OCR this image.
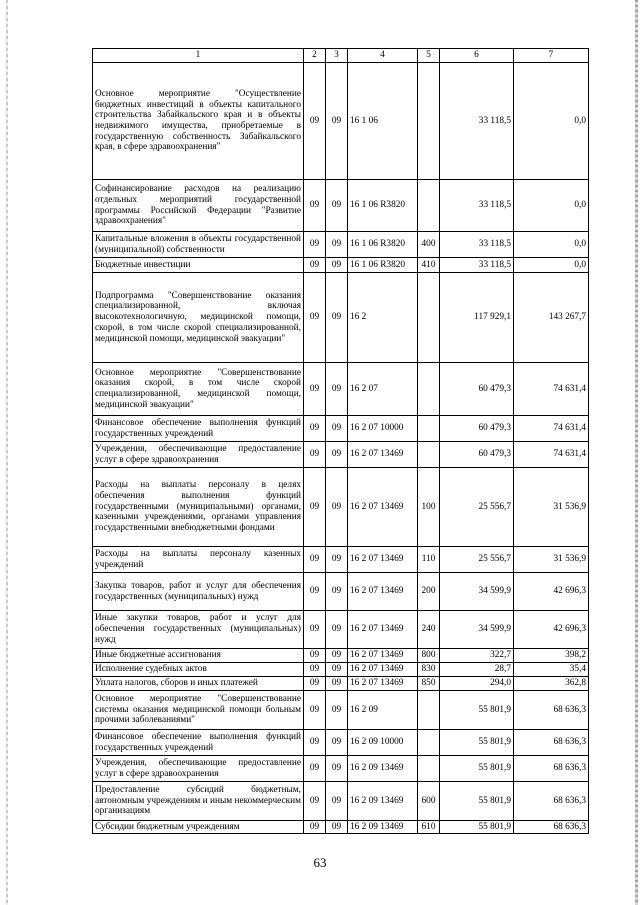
1	2	3	4	5	6	7
Основное мероприятие "Осуществление бюджетных инвестиций в объекты капитального строительства Забайкальского края и в объекты недвижимого имущества, приобретаемые в государственную собственность Забайкальского края, в сфере здравоохранения"	09	09	16 1 06		33 118,5	0,0
Софинансирование расходов на реализацию отдельных мероприятий государственной программы Российской Федерации "Развитие здравоохранения"	09	09	16 1 06 R3820		33 118,5	0,0
Капитальные вложения в объекты государственной (муниципальной) собственности	09	09	16 1 06 R3820	400	33 118,5	0,0
Бюджетные инвестиции	09	09	16 1 06 R3820	410	33 118,5	0,0
Подпрограмма "Совершенствование оказания специализированной, включая высокотехнологичную, медицинской помощи, скорой, в том числе скорой специализированной, медицинской помощи, медицинской эвакуации"	09	09	16 2		117 929,1	143 267,7
Основное мероприятие "Совершенствование оказания скорой, в том числе скорой специализированной, медицинской помощи, медицинской эвакуации"	09	09	16 2 07		60 479,3	74 631,4
Финансовое обеспечение выполнения функций государственных учреждений	09	09	16 2 07 10000		60 479,3	74 631,4
Учреждения, обеспечивающие предоставление услуг в сфере здравоохранения	09	09	16 2 07 13469		60 479,3	74 631,4
Расходы на выплаты персоналу в целях обеспечения выполнения функций государственными (муниципальными) органами, казенными учреждениями, органами управления государственными внебюджетными фондами	09	09	16 2 07 13469	100	25 556,7	31 536,9
Расходы на выплаты персоналу казенных учреждений	09	09	16 2 07 13469	110	25 556,7	31 536,9
Закупка товаров, работ и услуг для обеспечения государственных (муниципальных) нужд	09	09	16 2 07 13469	200	34 599,9	42 696,3
Иные закупки товаров, работ и услуг для обеспечения государственных (муниципальных) нужд	09	09	16 2 07 13469	240	34 599,9	42 696,3
Иные бюджетные ассигнования	09	09	16 2 07 13469	800	322,7	398,2
Исполнение судебных актов	09	09	16 2 07 13469	830	28,7	35,4
Уплата налогов, сборов и иных платежей	09	09	16 2 07 13469	850	294,0	362,8
Основное мероприятие "Совершенствование системы оказания медицинской помощи больным прочими заболеваниями"	09	09	16 2 09		55 801,9	68 636,3
Финансовое обеспечение выполнения функций государственных учреждений	09	09	16 2 09 10000		55 801,9	68 636,3
Учреждения, обеспечивающие предоставление услуг в сфере здравоохранения	09	09	16 2 09 13469		55 801,9	68 636,3
Предоставление субсидий бюджетным, автономным учреждениям и иным некоммерческим организациям	09	09	16 2 09 13469	600	55 801,9	68 636,3
Субсидии бюджетным учреждениям	09	09	16 2 09 13469	610	55 801,9	68 636,3
63
